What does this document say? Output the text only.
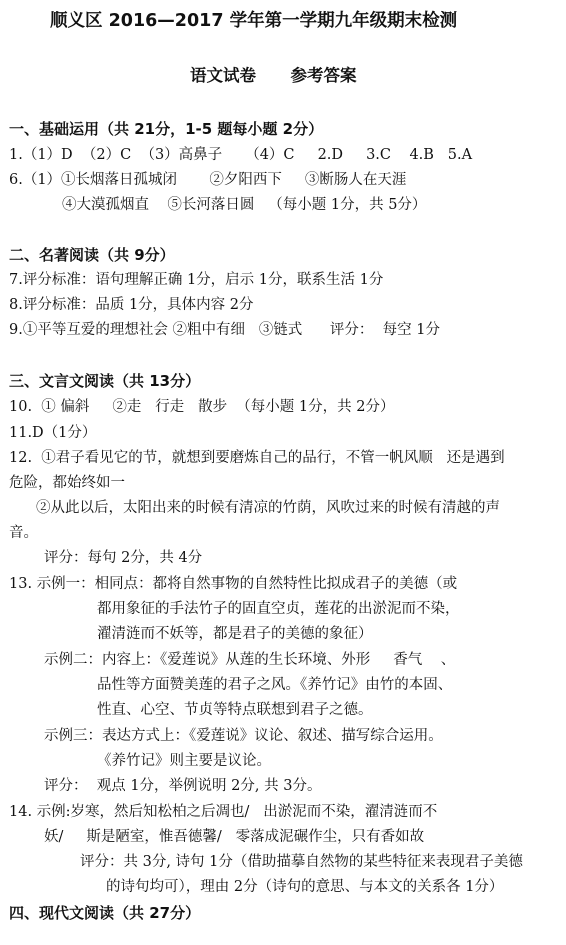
顺义区 2016—2017 学年第一学期九年级期末检测
语文试卷      参考答案
一、基础运用（共 21分，1-5 题每小题 2分）
1.（1）D  （2）C  （3）高鼻子     （4）C     2.D     3.C    4.B   5.A
6.（1）①长烟落日孤城闭       ②夕阳西下     ③断肠人在天涯
④大漠孤烟直    ⑤长河落日圆   （每小题 1分，共 5分）
二、名著阅读（共 9分）
7.评分标准：语句理解正确 1分，启示 1分，联系生活 1分
8.评分标准：品质 1分，具体内容 2分
9.①平等互爱的理想社会 ②粗中有细   ③链式      评分：  每空 1分
三、文言文阅读（共 13分）
10.  ① 偏斜     ②走   行走   散步  （每小题 1分，共 2分）
11.D（1分）
12.  ①君子看见它的节，就想到要磨炼自己的品行，不管一帆风顺   还是遇到
危险，都始终如一
②从此以后，太阳出来的时候有清凉的竹荫，风吹过来的时候有清越的声
音。
评分：每句 2分，共 4分
13. 示例一：相同点：都将自然事物的自然特性比拟成君子的美德（或
都用象征的手法竹子的固直空贞，莲花的出淤泥而不染，
濯清涟而不妖等，都是君子的美德的象征）
示例二：内容上：《爱莲说》从莲的生长环境、外形     香气    、
品性等方面赞美莲的君子之风。《养竹记》由竹的本固、
性直、心空、节贞等特点联想到君子之德。
示例三：表达方式上：《爱莲说》议论、叙述、描写综合运用。
《养竹记》则主要是议论。
评分：  观点 1分，举例说明 2分, 共 3分。
14. 示例:岁寒，然后知松柏之后凋也/   出淤泥而不染，濯清涟而不
妖/     斯是陋室，惟吾德馨/   零落成泥碾作尘，只有香如故
评分：共 3分, 诗句 1分（借助描摹自然物的某些特征来表现君子美德
的诗句均可），理由 2分（诗句的意思、与本文的关系各 1分）
四、现代文阅读（共 27分）
